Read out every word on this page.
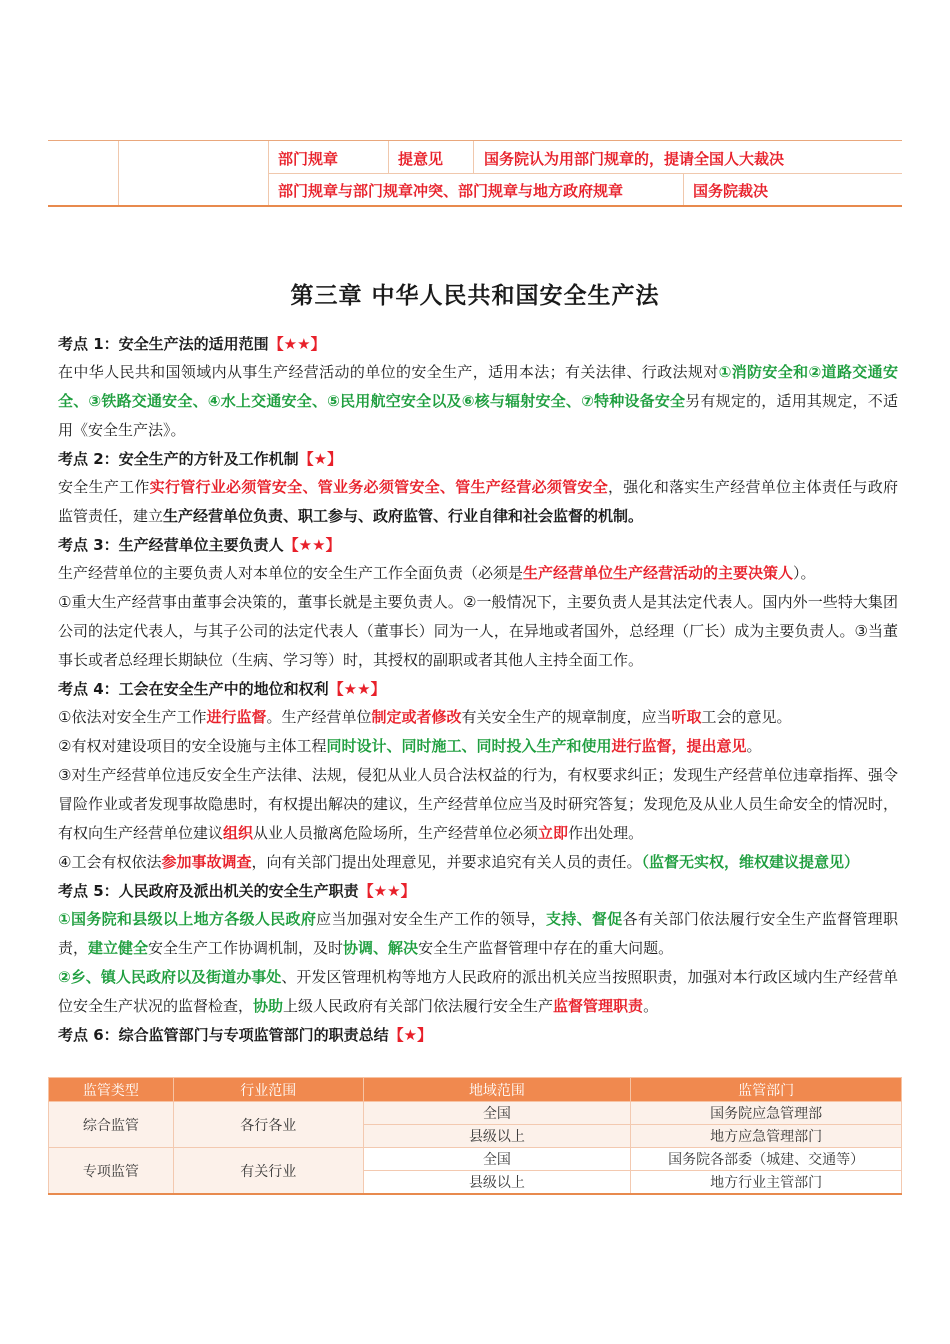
部门规章	提意见	国务院认为用部门规章的，提请全国人大裁决
部门规章与部门规章冲突、部门规章与地方政府规章	国务院裁决
第三章 中华人民共和国安全生产法

考点 1：安全生产法的适用范围【★★】

在中华人民共和国领域内从事生产经营活动的单位的安全生产，适用本法；有关法律、行政法规对①消防安全和②道路交通安全、③铁路交通安全、④水上交通安全、⑤民用航空安全以及⑥核与辐射安全、⑦特种设备安全另有规定的，适用其规定，不适用《安全生产法》。

考点 2：安全生产的方针及工作机制【★】

安全生产工作实行管行业必须管安全、管业务必须管安全、管生产经营必须管安全，强化和落实生产经营单位主体责任与政府监管责任，建立生产经营单位负责、职工参与、政府监管、行业自律和社会监督的机制。

考点 3：生产经营单位主要负责人【★★】

生产经营单位的主要负责人对本单位的安全生产工作全面负责（必须是生产经营单位生产经营活动的主要决策人）。

①重大生产经营事由董事会决策的，董事长就是主要负责人。②一般情况下，主要负责人是其法定代表人。国内外一些特大集团公司的法定代表人，与其子公司的法定代表人（董事长）同为一人，在异地或者国外，总经理（厂长）成为主要负责人。③当董事长或者总经理长期缺位（生病、学习等）时，其授权的副职或者其他人主持全面工作。

考点 4：工会在安全生产中的地位和权利【★★】

①依法对安全生产工作进行监督。生产经营单位制定或者修改有关安全生产的规章制度，应当听取工会的意见。

②有权对建设项目的安全设施与主体工程同时设计、同时施工、同时投入生产和使用进行监督，提出意见。

③对生产经营单位违反安全生产法律、法规，侵犯从业人员合法权益的行为，有权要求纠正；发现生产经营单位违章指挥、强令冒险作业或者发现事故隐患时，有权提出解决的建议，生产经营单位应当及时研究答复；发现危及从业人员生命安全的情况时，有权向生产经营单位建议组织从业人员撤离危险场所，生产经营单位必须立即作出处理。

④工会有权依法参加事故调查，向有关部门提出处理意见，并要求追究有关人员的责任。（监督无实权，维权建议提意见）

考点 5：人民政府及派出机关的安全生产职责【★★】

①国务院和县级以上地方各级人民政府应当加强对安全生产工作的领导，支持、督促各有关部门依法履行安全生产监督管理职责，建立健全安全生产工作协调机制，及时协调、解决安全生产监督管理中存在的重大问题。

②乡、镇人民政府以及街道办事处、开发区管理机构等地方人民政府的派出机关应当按照职责，加强对本行政区域内生产经营单位安全生产状况的监督检查，协助上级人民政府有关部门依法履行安全生产监督管理职责。

考点 6：综合监管部门与专项监管部门的职责总结【★】

监管类型	行业范围	地域范围	监管部门
综合监管	各行各业	全国	国务院应急管理部
		县级以上	地方应急管理部门
专项监管	有关行业	全国	国务院各部委（城建、交通等）
		县级以上	地方行业主管部门
